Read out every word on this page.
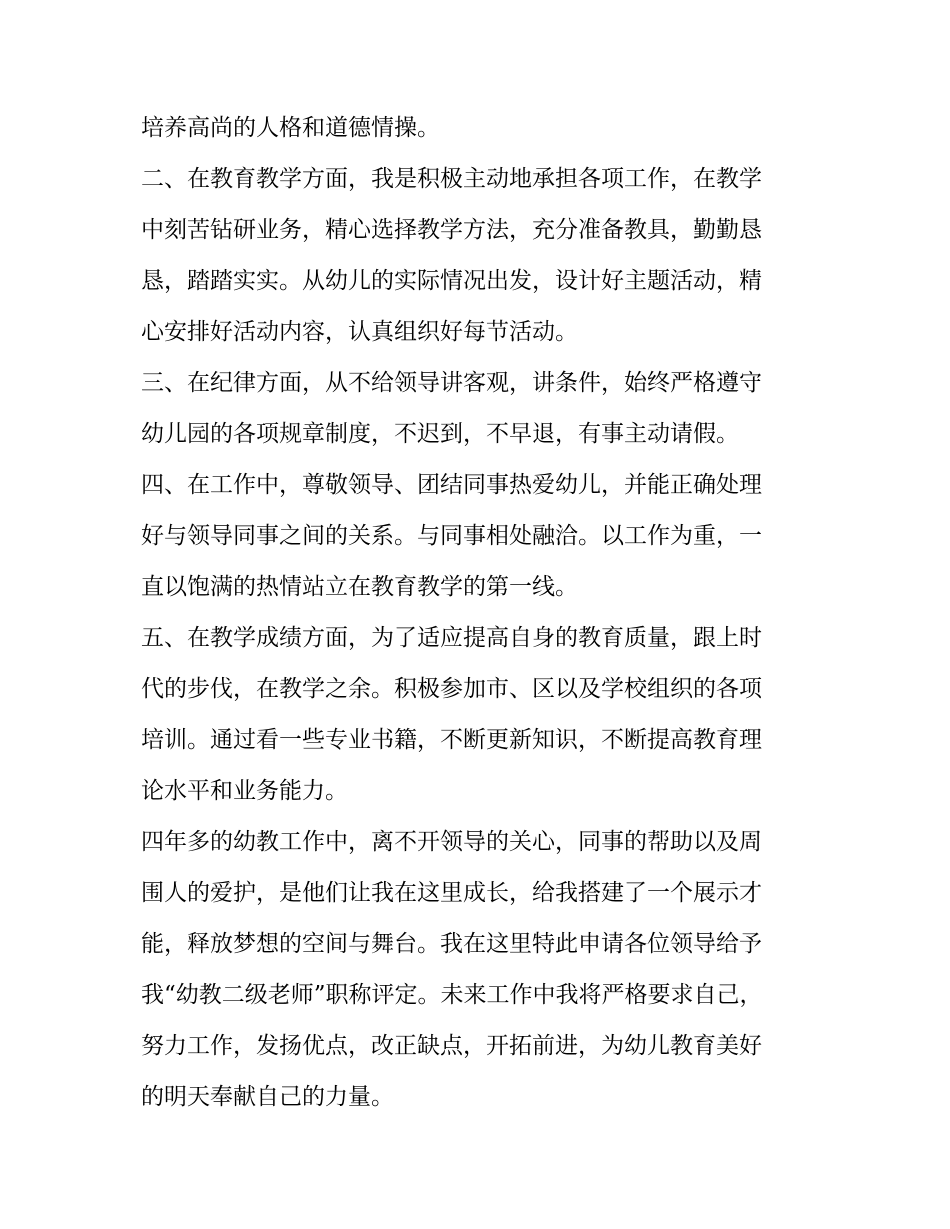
培养高尚的人格和道德情操。

二、在教育教学方面，我是积极主动地承担各项工作，在教学

中刻苦钻研业务，精心选择教学方法，充分准备教具，勤勤恳

恳，踏踏实实。从幼儿的实际情况出发，设计好主题活动，精

心安排好活动内容，认真组织好每节活动。

三、在纪律方面，从不给领导讲客观，讲条件，始终严格遵守

幼儿园的各项规章制度，不迟到，不早退，有事主动请假。

四、在工作中，尊敬领导、团结同事热爱幼儿，并能正确处理

好与领导同事之间的关系。与同事相处融洽。以工作为重，一

直以饱满的热情站立在教育教学的第一线。

五、在教学成绩方面，为了适应提高自身的教育质量，跟上时

代的步伐，在教学之余。积极参加市、区以及学校组织的各项

培训。通过看一些专业书籍，不断更新知识，不断提高教育理

论水平和业务能力。

四年多的幼教工作中，离不开领导的关心，同事的帮助以及周

围人的爱护，是他们让我在这里成长，给我搭建了一个展示才

能，释放梦想的空间与舞台。我在这里特此申请各位领导给予

我“幼教二级老师”职称评定。未来工作中我将严格要求自己，

努力工作，发扬优点，改正缺点，开拓前进，为幼儿教育美好

的明天奉献自己的力量。
